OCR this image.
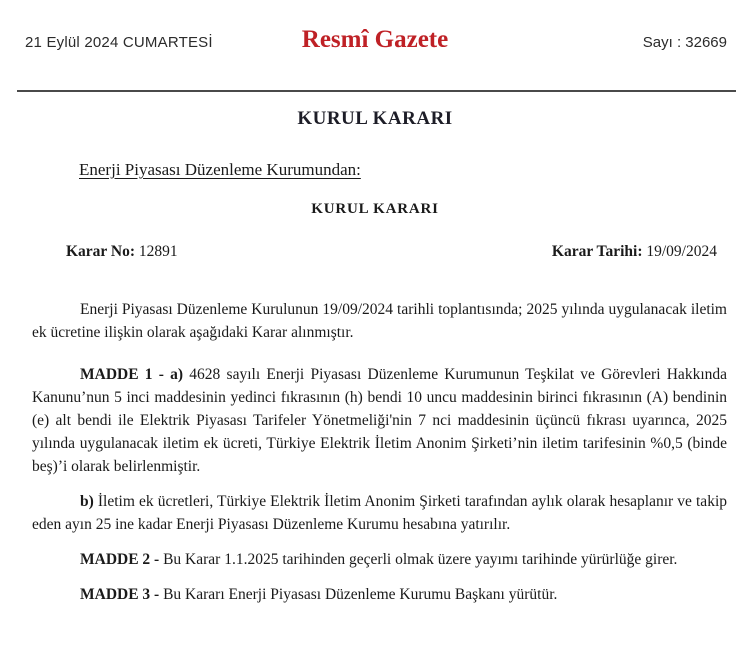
21 Eylül 2024 CUMARTESİ	Resmî Gazete	Sayı : 32669
KURUL KARARI
Enerji Piyasası Düzenleme Kurumundan:
KURUL KARARI
Karar No: 12891	Karar Tarihi: 19/09/2024

Enerji Piyasası Düzenleme Kurulunun 19/09/2024 tarihli toplantısında; 2025 yılında uygulanacak iletim ek ücretine ilişkin olarak aşağıdaki Karar alınmıştır.

MADDE 1 - a) 4628 sayılı Enerji Piyasası Düzenleme Kurumunun Teşkilat ve Görevleri Hakkında Kanunu’nun 5 inci maddesinin yedinci fıkrasının (h) bendi 10 uncu maddesinin birinci fıkrasının (A) bendinin (e) alt bendi ile Elektrik Piyasası Tarifeler Yönetmeliği'nin 7 nci maddesinin üçüncü fıkrası uyarınca, 2025 yılında uygulanacak iletim ek ücreti, Türkiye Elektrik İletim Anonim Şirketi’nin iletim tarifesinin %0,5 (binde beş)’i olarak belirlenmiştir.

b) İletim ek ücretleri, Türkiye Elektrik İletim Anonim Şirketi tarafından aylık olarak hesaplanır ve takip eden ayın 25 ine kadar Enerji Piyasası Düzenleme Kurumu hesabına yatırılır.

MADDE 2 - Bu Karar 1.1.2025 tarihinden geçerli olmak üzere yayımı tarihinde yürürlüğe girer.

MADDE 3 - Bu Kararı Enerji Piyasası Düzenleme Kurumu Başkanı yürütür.
